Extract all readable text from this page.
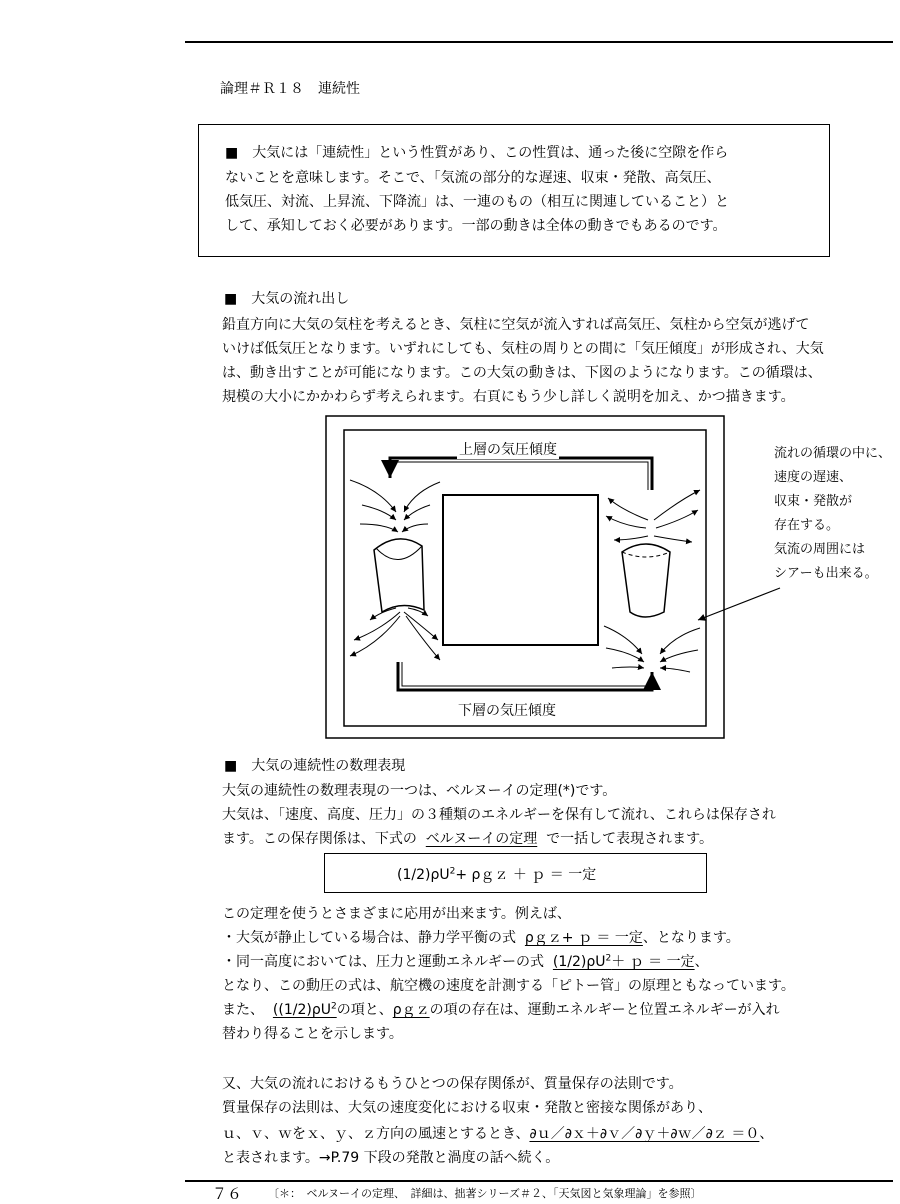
論理＃Ｒ１８　連続性
■　大気には「連続性」という性質があり、この性質は、通った後に空隙を作ら
ないことを意味します。そこで、「気流の部分的な遅速、収束・発散、高気圧、
低気圧、対流、上昇流、下降流」は、一連のもの（相互に関連していること）と
して、承知しておく必要があります。一部の動きは全体の動きでもあるのです。
■　大気の流れ出し
鉛直方向に大気の気柱を考えるとき、気柱に空気が流入すれば高気圧、気柱から空気が逃げて
いけば低気圧となります。いずれにしても、気柱の周りとの間に「気圧傾度」が形成され、大気
は、動き出すことが可能になります。この大気の動きは、下図のようになります。この循環は、
規模の大小にかかわらず考えられます。右頁にもう少し詳しく説明を加え、かつ描きます。
上層の気圧傾度
下層の気圧傾度
流れの循環の中に、
速度の遅速、
収束・発散が
存在する。
気流の周囲には
シアーも出来る。
■　大気の連続性の数理表現
大気の連続性の数理表現の一つは、ベルヌーイの定理(*)です。
大気は、「速度、高度、圧力」の３種類のエネルギーを保有して流れ、これらは保存され
ます。この保存関係は、下式の ベルヌーイの定理 で一括して表現されます。
$(1/2)\rho U^2+$ ρｇｚ ＋ ｐ ＝ 一定
この定理を使うとさまざまに応用が出来ます。例えば、
・大気が静止している場合は、静力学平衡の式 ρｇｚ+ ｐ ＝ 一定、となります。
・同一高度においては、圧力と運動エネルギーの式 $(1/2)\rho U^2+$ ｐ ＝ 一定、
となり、この動圧の式は、航空機の速度を計測する「ピトー管」の原理ともなっています。
また、 ($(1/2)\rho U^2$の項と、ρｇｚの項の存在は、運動エネルギーと位置エネルギーが入れ
替わり得ることを示します。
又、大気の流れにおけるもうひとつの保存関係が、質量保存の法則です。
質量保存の法則は、大気の速度変化における収束・発散と密接な関係があり、
ｕ、ｖ、ｗをｘ、ｙ、ｚ方向の風速とするとき、∂ｕ／∂ｘ＋∂ｖ／∂ｙ＋∂ｗ／∂ｚ ＝０、
と表されます。→P.79 下段の発散と渦度の話へ続く。
７６ 〔＊：　ベルヌーイの定理、　詳細は、拙著シリーズ＃２、「天気図と気象理論」を参照〕
